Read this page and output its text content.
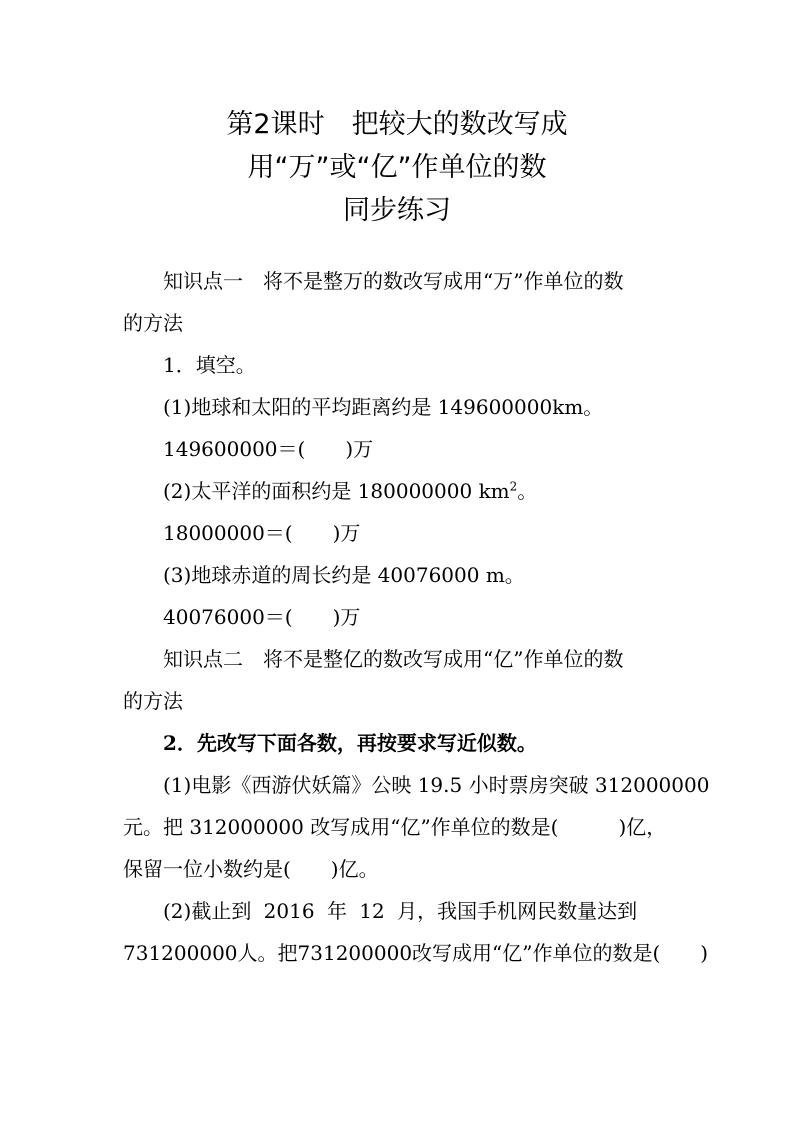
第2课时　把较大的数改写成
用“万”或“亿”作单位的数
同步练习
知识点一　将不是整万的数改写成用“万”作单位的数
的方法
1．填空。
(1)地球和太阳的平均距离约是 149600000km。
149600000＝(　　)万
(2)太平洋的面积约是 180000000 $km^2$。
18000000＝(　　)万
(3)地球赤道的周长约是 40076000 m。
40076000＝(　　)万
知识点二　将不是整亿的数改写成用“亿”作单位的数
的方法
2．先改写下面各数，再按要求写近似数。
(1)电影《西游伏妖篇》公映 19.5 小时票房突破 312000000
元。把 312000000 改写成用“亿”作单位的数是(　　　)亿，
保留一位小数约是(　　)亿。
(2)截止到 2016 年 12 月，我国手机网民数量达到
731200000人。把731200000改写成用“亿”作单位的数是(　　)
